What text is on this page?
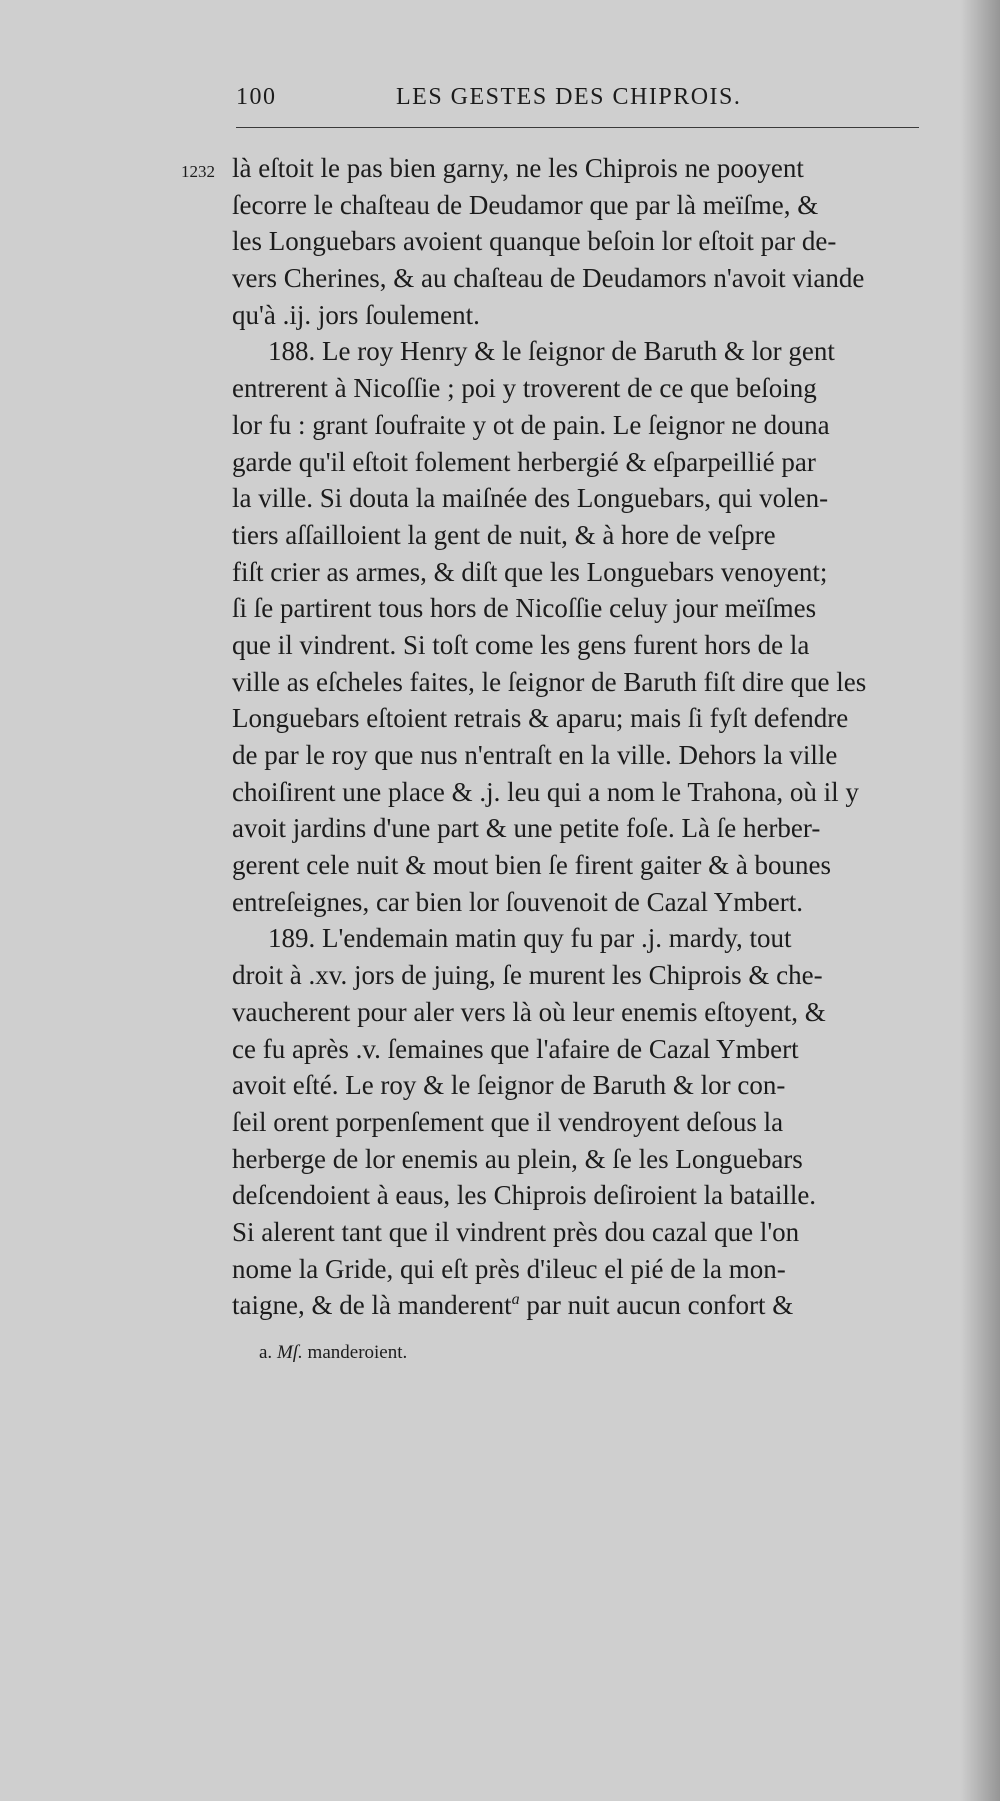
100	LES GESTES DES CHIPROIS.
1232 là eſtoit le pas bien garny, ne les Chiprois ne pooyent
ſecorre le chaſteau de Deudamor que par là meïſme, &
les Longuebars avoient quanque beſoin lor eſtoit par de-
vers Cherines, & au chaſteau de Deudamors n'avoit viande
qu'à .ij. jors ſoulement.
188. Le roy Henry & le ſeignor de Baruth & lor gent
entrerent à Nicoſſie ; poi y troverent de ce que beſoing
lor fu : grant ſoufraite y ot de pain. Le ſeignor ne douna
garde qu'il eſtoit folement herbergié & eſparpeillié par
la ville. Si douta la maiſnée des Longuebars, qui volen-
tiers aſſailloient la gent de nuit, & à hore de veſpre
fiſt crier as armes, & diſt que les Longuebars venoyent;
ſi ſe partirent tous hors de Nicoſſie celuy jour meïſmes
que il vindrent. Si toſt come les gens furent hors de la
ville as eſcheles faites, le ſeignor de Baruth fiſt dire que les
Longuebars eſtoient retrais & aparu; mais ſi fyſt defendre
de par le roy que nus n'entraſt en la ville. Dehors la ville
choiſirent une place & .j. leu qui a nom le Trahona, où il y
avoit jardins d'une part & une petite foſe. Là ſe herber-
gerent cele nuit & mout bien ſe firent gaiter & à bounes
entreſeignes, car bien lor ſouvenoit de Cazal Ymbert.
189. L'endemain matin quy fu par .j. mardy, tout
droit à .xv. jors de juing, ſe murent les Chiprois & che-
vaucherent pour aler vers là où leur enemis eſtoyent, &
ce fu après .v. ſemaines que l'afaire de Cazal Ymbert
avoit eſté. Le roy & le ſeignor de Baruth & lor con-
ſeil orent porpenſement que il vendroyent deſous la
herberge de lor enemis au plein, & ſe les Longuebars
deſcendoient à eaus, les Chiprois deſiroient la bataille.
Si alerent tant que il vindrent près dou cazal que l'on
nome la Gride, qui eſt près d'ileuc el pié de la mon-
taigne, & de là manderent$^a$ par nuit aucun confort &
a. Mſ. manderoient.
